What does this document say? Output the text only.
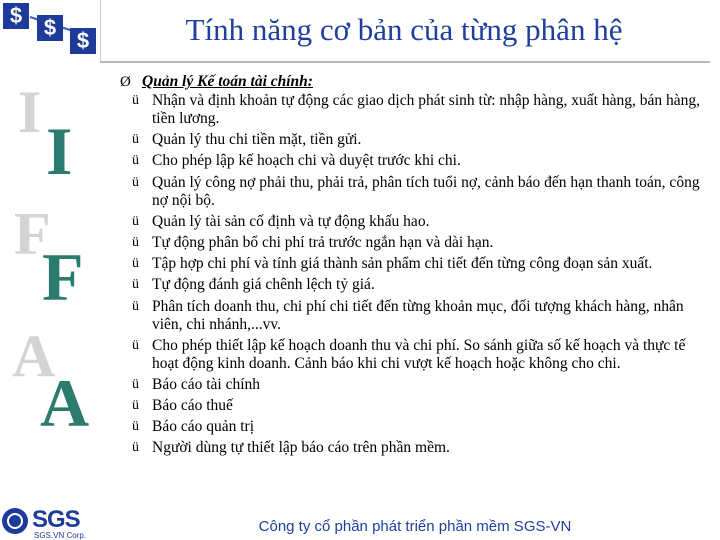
$ $
$	Tính năng cơ bản của từng phân hệ
I
I
F
F
A
A
Ø Quản lý Kế toán tài chính:
ü Nhận và định khoản tự động các giao dịch phát sinh từ: nhập hàng, xuất hàng, bán hàng, tiền lương.
ü Quản lý thu chi tiền mặt, tiền gửi.
ü Cho phép lập kế hoạch chi và duyệt trước khi chi.
ü Quản lý công nợ phải thu, phải trả, phân tích tuổi nợ, cảnh báo đến hạn thanh toán, công nợ nội bộ.
ü Quản lý tài sản cố định và tự động khấu hao.
ü Tự động phân bổ chi phí trả trước ngắn hạn và dài hạn.
ü Tập hợp chi phí và tính giá thành sản phẩm chi tiết đến từng công đoạn sản xuất.
ü Tự động đánh giá chênh lệch tỷ giá.
ü Phân tích doanh thu, chi phí chi tiết đến từng khoản mục, đối tượng khách hàng, nhân viên, chi nhánh,...vv.
ü Cho phép thiết lập kế hoạch doanh thu và chi phí. So sánh giữa số kế hoạch và thực tế hoạt động kinh doanh. Cảnh báo khi chi vượt kế hoạch hoặc không cho chi.
ü Báo cáo tài chính
ü Báo cáo thuế
ü Báo cáo quản trị
ü Người dùng tự thiết lập báo cáo trên phần mềm.
SGS
SGS.VN Corp.
Công ty cổ phần phát triển phần mềm SGS-VN
